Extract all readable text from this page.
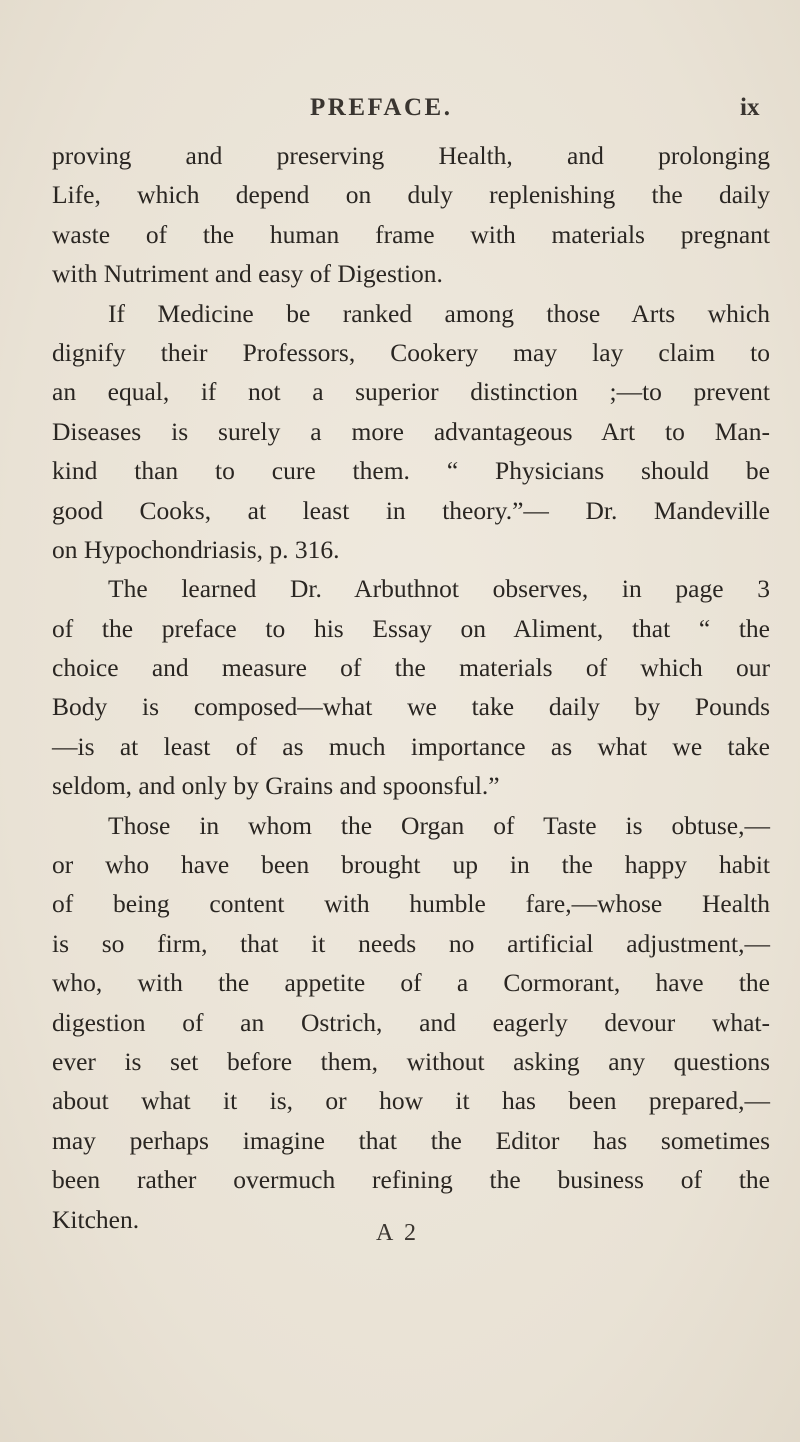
PREFACE.	ix
proving and preserving Health, and prolonging
Life, which depend on duly replenishing the daily
waste of the human frame with materials pregnant
with Nutriment and easy of Digestion.
If Medicine be ranked among those Arts which
dignify their Professors, Cookery may lay claim to
an equal, if not a superior distinction ;—to prevent
Diseases is surely a more advantageous Art to Man-
kind than to cure them. “ Physicians should be
good Cooks, at least in theory.”— Dr. Mandeville
on Hypochondriasis, p. 316.
The learned Dr. Arbuthnot observes, in page 3
of the preface to his Essay on Aliment, that “ the
choice and measure of the materials of which our
Body is composed—what we take daily by Pounds
—is at least of as much importance as what we take
seldom, and only by Grains and spoonsful.”
Those in whom the Organ of Taste is obtuse,—
or who have been brought up in the happy habit
of being content with humble fare,—whose Health
is so firm, that it needs no artificial adjustment,—
who, with the appetite of a Cormorant, have the
digestion of an Ostrich, and eagerly devour what-
ever is set before them, without asking any questions
about what it is, or how it has been prepared,—
may perhaps imagine that the Editor has sometimes
been rather overmuch refining the business of the
Kitchen.	A 2
